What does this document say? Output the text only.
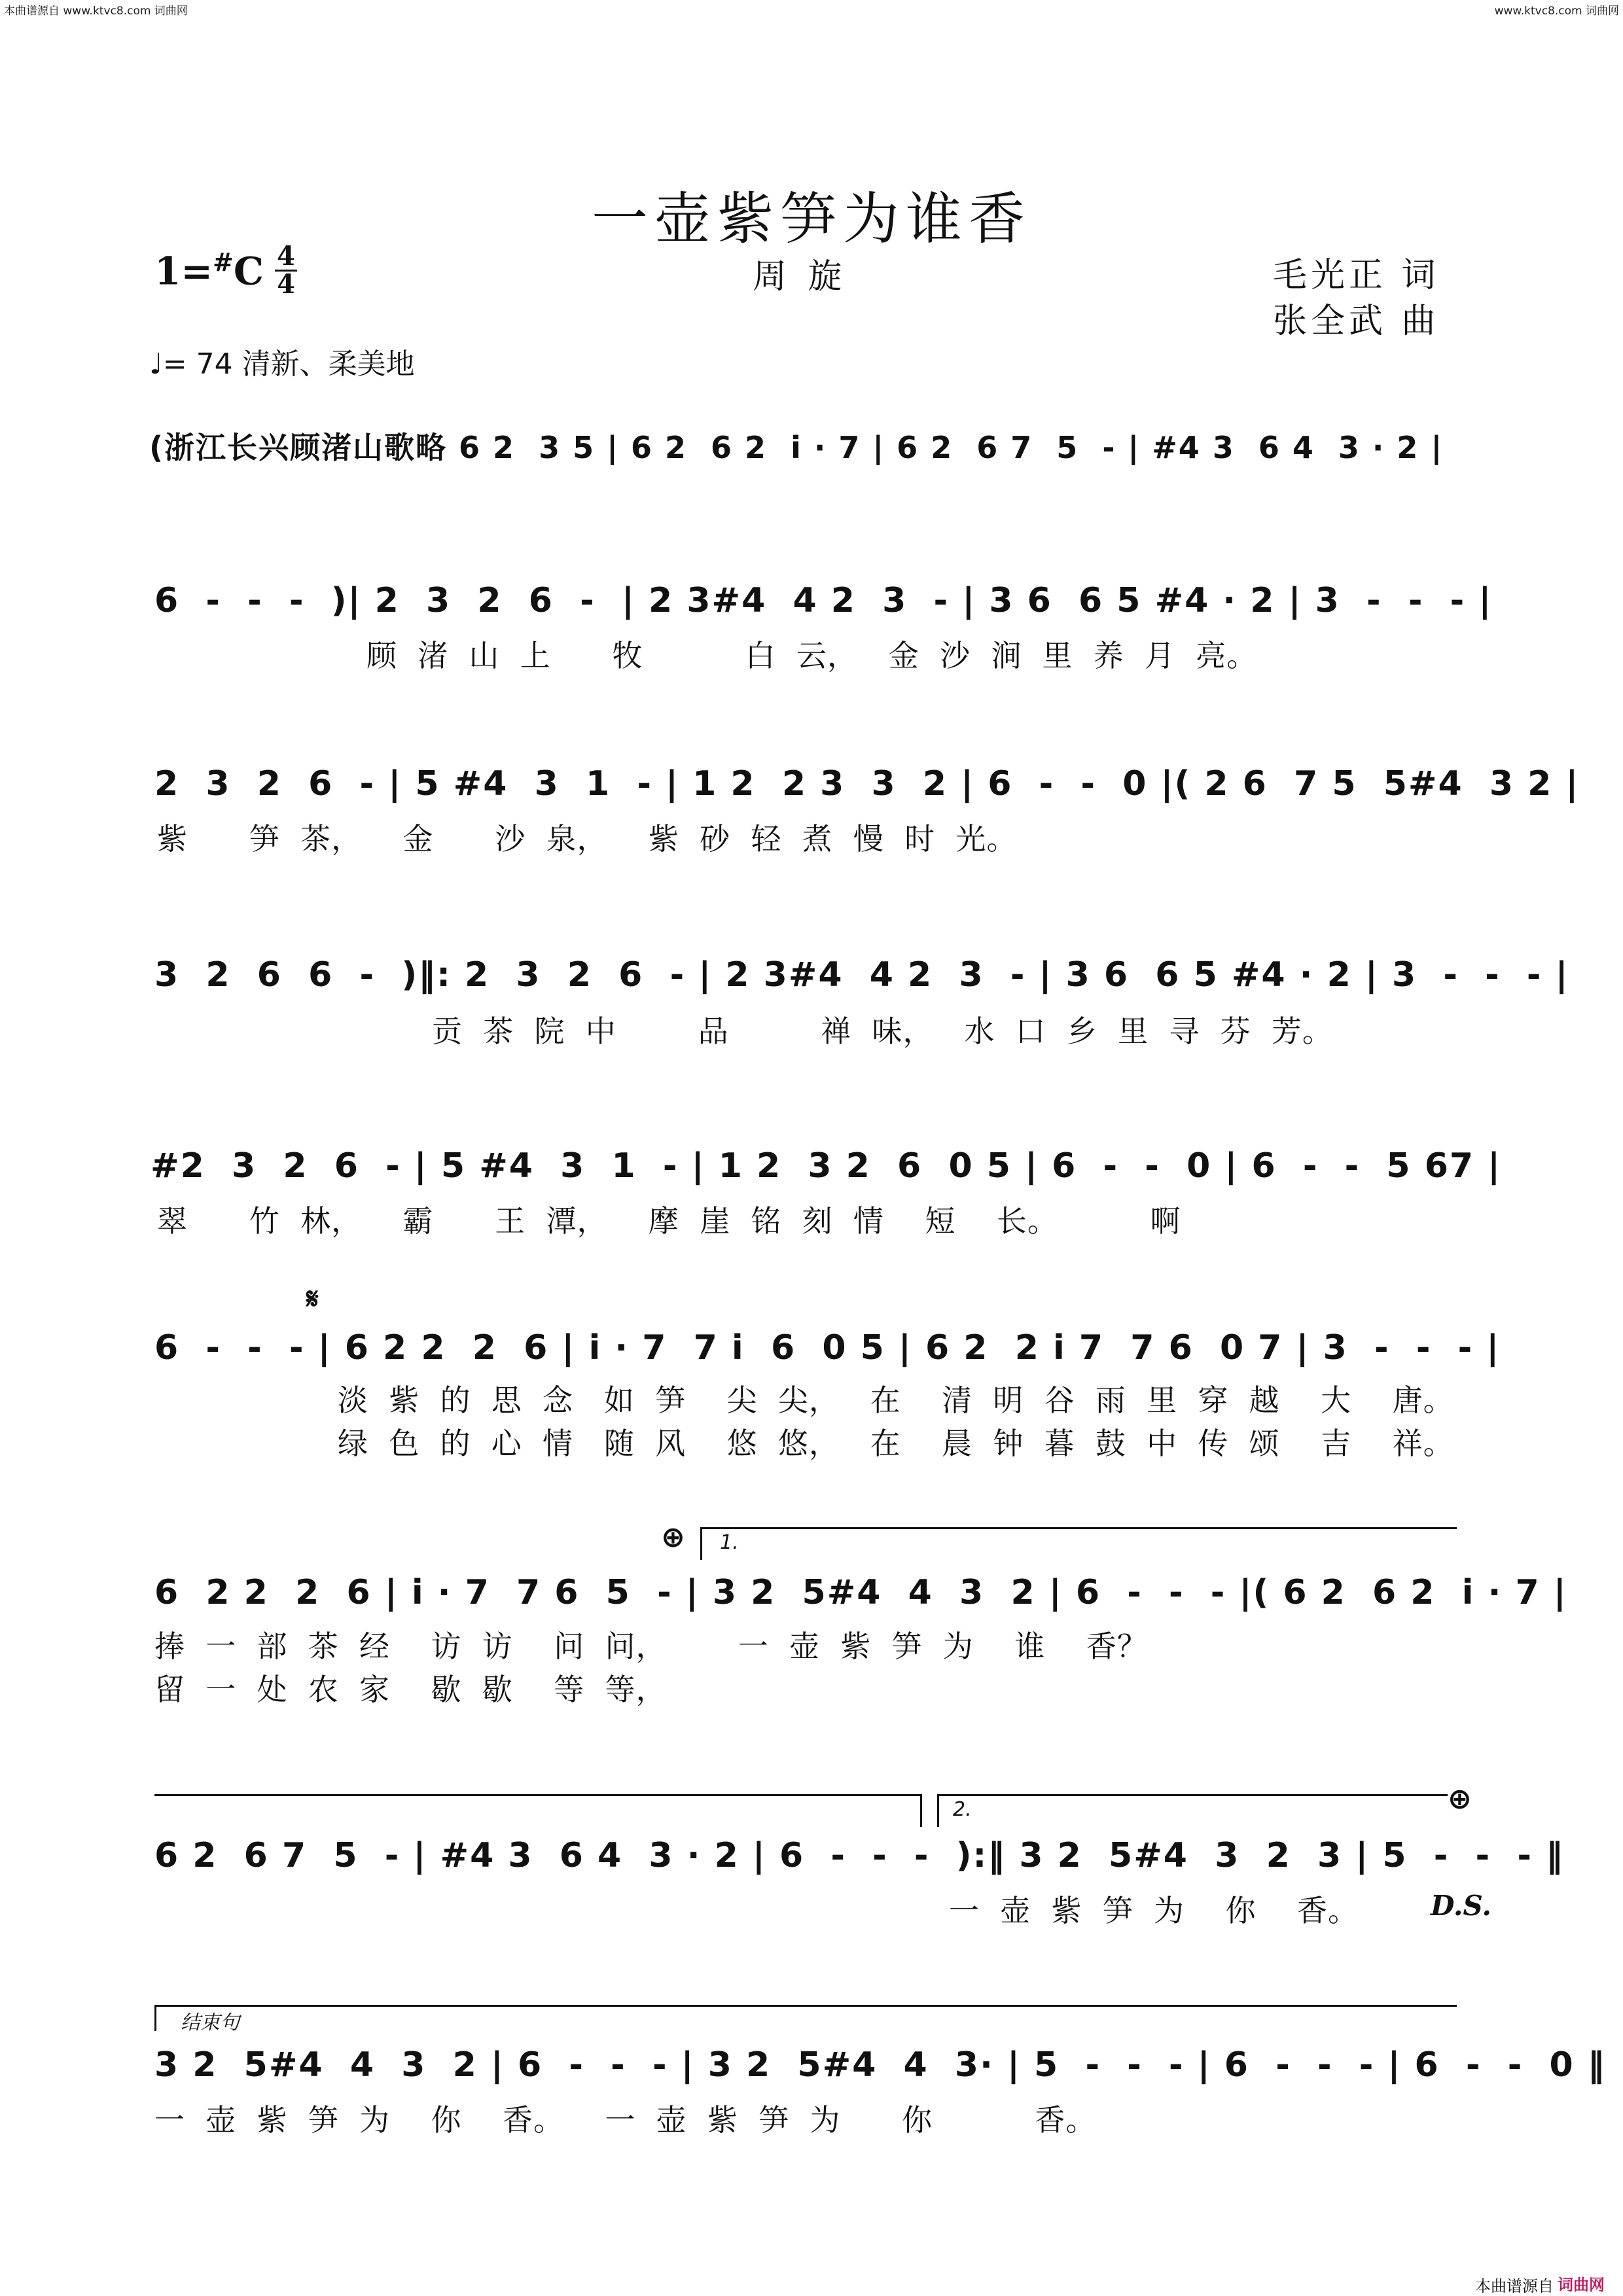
本曲谱源自 www.ktvc8.com 词曲网	www.ktvc8.com 词曲网
一壶紫笋为谁香
1=#C 4
4	周 旋	毛光正 词
张全武 曲
♩= 74 清新、柔美地
(浙江长兴顾渚山歌略 6 2  3 5 | 6 2  6 2  i · 7 | 6 2  6 7  5  - | #4 3  6 4  3 · 2 |
6  -  -  -  )| 2  3  2  6  -  | 2 3#4  4 2  3  - | 3 6  6 5 #4 · 2 | 3  -  -  - |
顾  渚  山  上      牧          白  云，   金  沙  涧  里  养  月  亮。
2  3  2  6  - | 5 #4  3  1  - | 1 2  2 3  3  2 | 6  -  -  0 |( 2 6  7 5  5#4  3 2 |
紫      笋  茶，    金      沙  泉，    紫  砂  轻  煮  慢  时  光。
3  2  6  6  -  )‖: 2  3  2  6  - | 2 3#4  4 2  3  - | 3 6  6 5 #4 · 2 | 3  -  -  - |
贡  茶  院  中        品         禅  味，   水  口  乡  里  寻  芬  芳。
#2  3  2  6  - | 5 #4  3  1  - | 1 2  3 2  6  0 5 | 6  -  -  0 | 6  -  -  5 67 |
翠      竹  林，    霸      王  潭，    摩  崖  铭  刻  情    短    长。         啊
𝄋
6  -  -  - | 6 2 2  2  6 | i · 7  7 i  6  0 5 | 6 2  2 i 7  7 6  0 7 | 3  -  -  - |
淡  紫  的  思  念   如  笋    尖  尖，   在    清  明  谷  雨  里  穿  越    大    唐。
绿  色  的  心  情   随  风    悠  悠，   在    晨  钟  暮  鼓  中  传  颂    吉    祥。
⊕ 1.
6  2 2  2  6 | i · 7  7 6  5  - | 3 2  5#4  4  3  2 | 6  -  -  - |( 6 2  6 2  i · 7 |
捧  一  部  茶  经    访  访    问  问，       一  壶  紫  笋  为    谁    香？
留  一  处  农  家    歇  歇    等  等，
2.	⊕
6 2  6 7  5  - | #4 3  6 4  3 · 2 | 6  -  -  -  ):‖ 3 2  5#4  3  2  3 | 5  -  -  - ‖
一  壶  紫  笋  为    你    香。	D.S.
结束句
3 2  5#4  4  3  2 | 6  -  -  - | 3 2  5#4  4  3· | 5  -  -  - | 6  -  -  - | 6  -  -  0 ‖
一  壶  紫  笋  为    你    香。    一  壶  紫  笋  为      你          香。
本曲谱源自 词曲网
